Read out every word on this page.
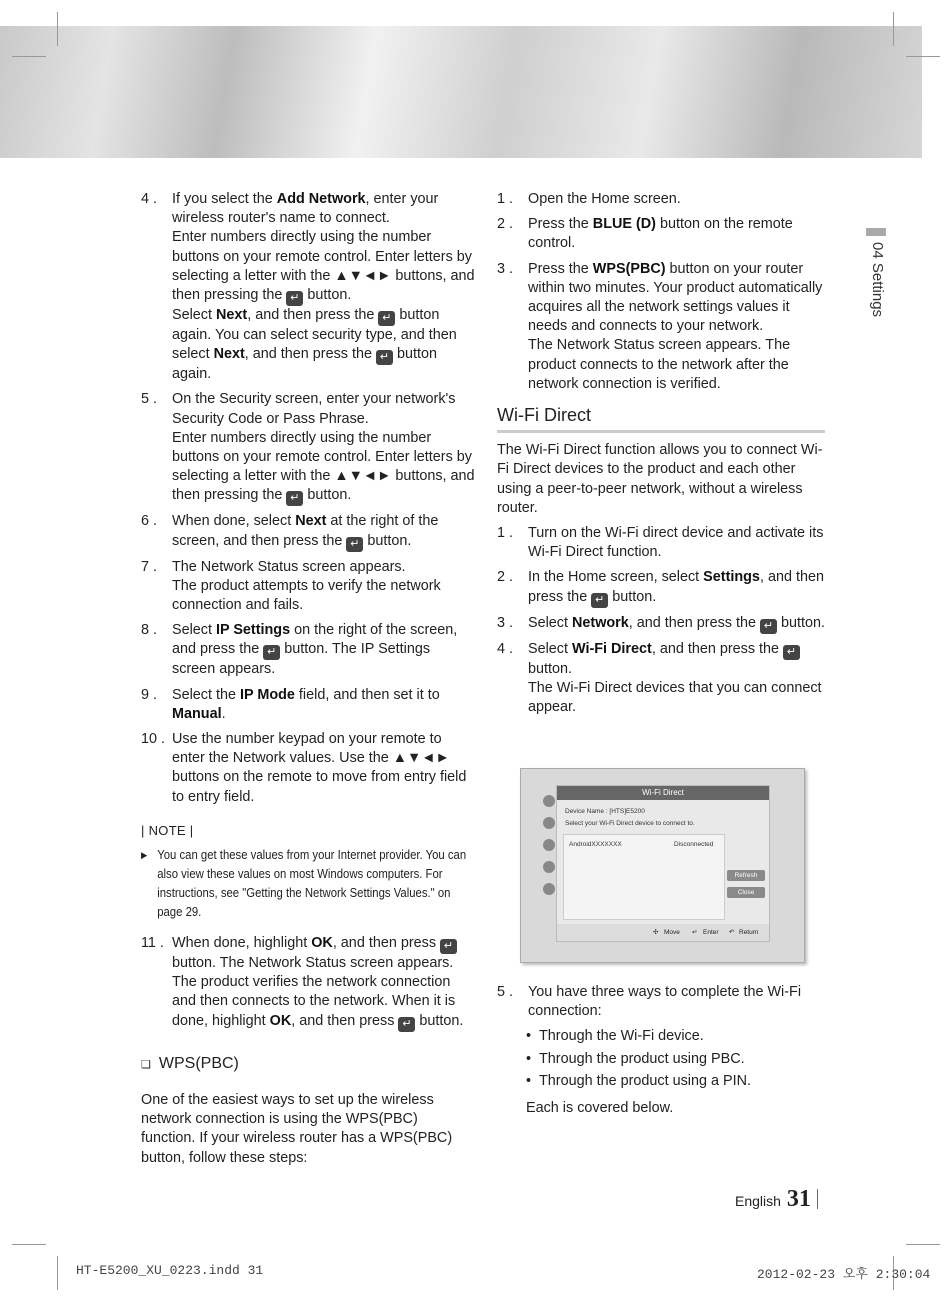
04 Settings
4 . If you select the Add Network, enter your wireless router's name to connect.
Enter numbers directly using the number buttons on your remote control. Enter letters by selecting a letter with the ▲▼◄► buttons, and then pressing the ↵ button.
Select Next, and then press the ↵ button again. You can select security type, and then select Next, and then press the ↵ button again.

5 . On the Security screen, enter your network's Security Code or Pass Phrase.
Enter numbers directly using the number buttons on your remote control. Enter letters by selecting a letter with the ▲▼◄► buttons, and then pressing the ↵ button.

6 . When done, select Next at the right of the screen, and then press the ↵ button.

7 . The Network Status screen appears.
The product attempts to verify the network connection and fails.

8 . Select IP Settings on the right of the screen, and press the ↵ button. The IP Settings screen appears.

9 . Select the IP Mode field, and then set it to Manual.

10 . Use the number keypad on your remote to enter the Network values. Use the ▲▼◄► buttons on the remote to move from entry field to entry field.

| NOTE |
▶ You can get these values from your Internet provider. You can also view these values on most Windows computers. For instructions, see "Getting the Network Settings Values." on page 29.
11 . When done, highlight OK, and then press ↵ button. The Network Status screen appears. The product verifies the network connection and then connects to the network. When it is done, highlight OK, and then press ↵ button.

❑ WPS(PBC)

One of the easiest ways to set up the wireless network connection is using the WPS(PBC) function. If your wireless router has a WPS(PBC) button, follow these steps:

1 . Open the Home screen.

2 . Press the BLUE (D) button on the remote control.

3 . Press the WPS(PBC) button on your router within two minutes. Your product automatically acquires all the network settings values it needs and connects to your network.
The Network Status screen appears. The product connects to the network after the network connection is verified.

Wi-Fi Direct

The Wi-Fi Direct function allows you to connect Wi-Fi Direct devices to the product and each other using a peer-to-peer network, without a wireless router.

1 . Turn on the Wi-Fi direct device and activate its Wi-Fi Direct function.

2 . In the Home screen, select Settings, and then press the ↵ button.

3 . Select Network, and then press the ↵ button.

4 . Select Wi-Fi Direct, and then press the ↵ button.
The Wi-Fi Direct devices that you can connect appear.

Wi-Fi Direct
Device Name : [HTS]E5200
Select your Wi-Fi Direct device to connect to.
AndroidXXXXXXX	Disconnected
Refresh
Close
✣ Move ↵ Enter ↶ Return
5 . You have three ways to complete the Wi-Fi connection:

• Through the Wi-Fi device.
• Through the product using PBC.
• Through the product using a PIN.

Each is covered below.

English 31
HT-E5200_XU_0223.indd 31	2012-02-23 오후 2:30:04
